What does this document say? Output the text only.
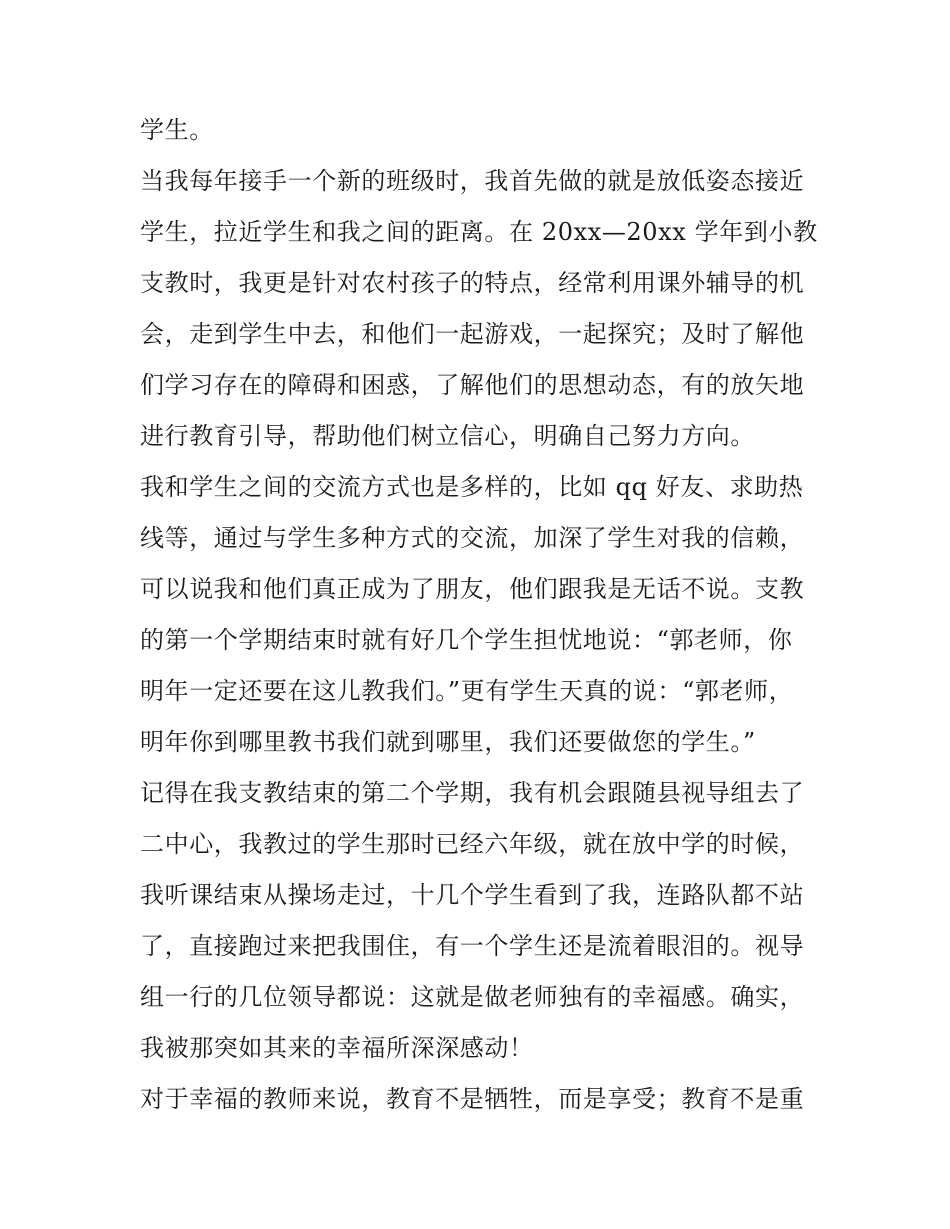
学生。
当我每年接手一个新的班级时，我首先做的就是放低姿态接近
学生，拉近学生和我之间的距离。在 20xx—20xx 学年到小教
支教时，我更是针对农村孩子的特点，经常利用课外辅导的机
会，走到学生中去，和他们一起游戏，一起探究；及时了解他
们学习存在的障碍和困惑，了解他们的思想动态，有的放矢地
进行教育引导，帮助他们树立信心，明确自己努力方向。
我和学生之间的交流方式也是多样的，比如 qq 好友、求助热
线等，通过与学生多种方式的交流，加深了学生对我的信赖，
可以说我和他们真正成为了朋友，他们跟我是无话不说。支教
的第一个学期结束时就有好几个学生担忧地说：“郭老师，你
明年一定还要在这儿教我们。”更有学生天真的说：“郭老师，
明年你到哪里教书我们就到哪里，我们还要做您的学生。”
记得在我支教结束的第二个学期，我有机会跟随县视导组去了
二中心，我教过的学生那时已经六年级，就在放中学的时候，
我听课结束从操场走过，十几个学生看到了我，连路队都不站
了，直接跑过来把我围住，有一个学生还是流着眼泪的。视导
组一行的几位领导都说：这就是做老师独有的幸福感。确实，
我被那突如其来的幸福所深深感动！
对于幸福的教师来说，教育不是牺牲，而是享受；教育不是重
